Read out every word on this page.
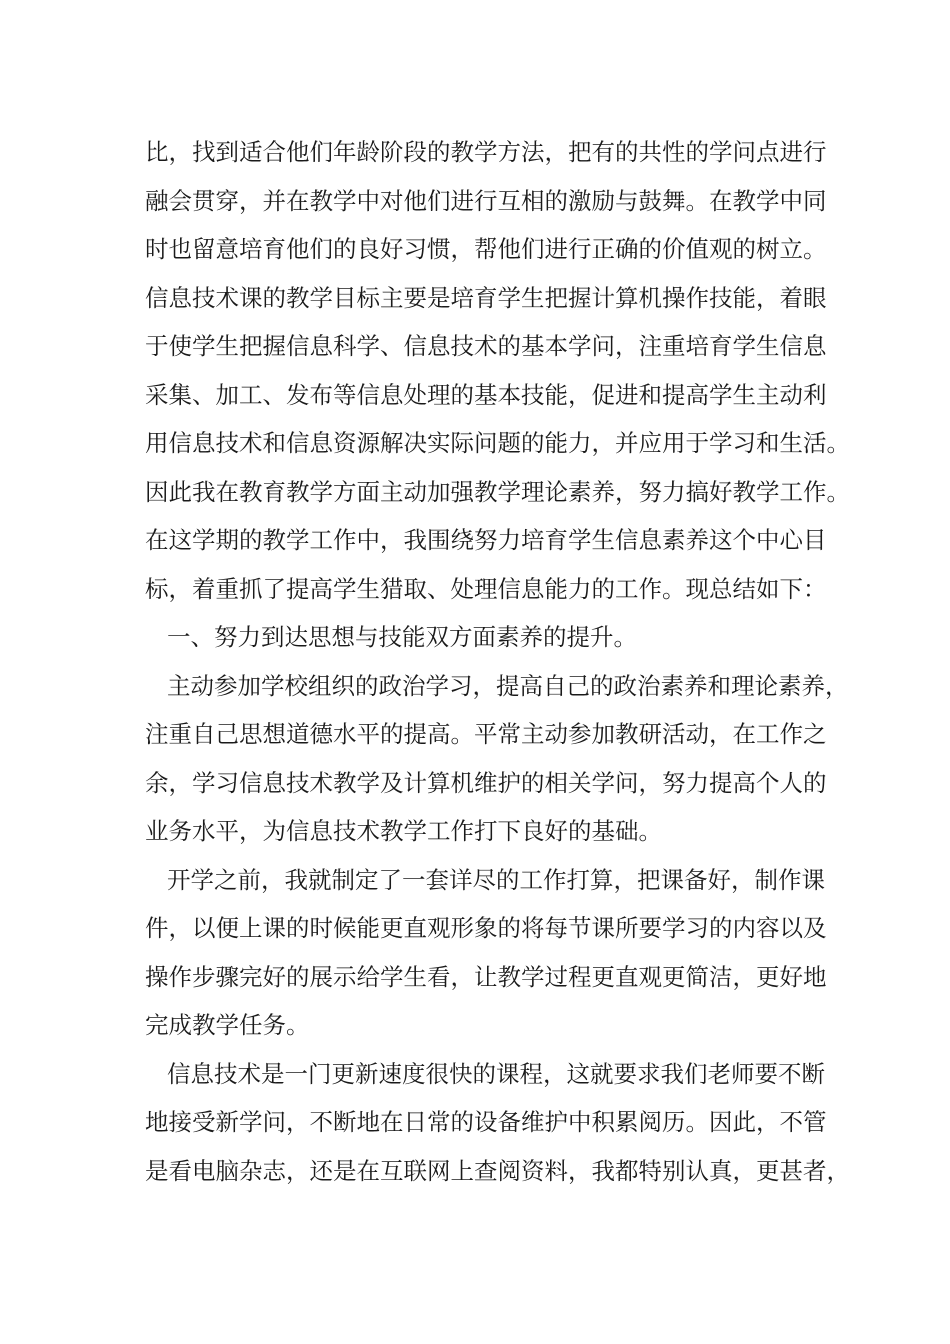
比，找到适合他们年龄阶段的教学方法，把有的共性的学问点进行
融会贯穿，并在教学中对他们进行互相的激励与鼓舞。在教学中同
时也留意培育他们的良好习惯，帮他们进行正确的价值观的树立。
信息技术课的教学目标主要是培育学生把握计算机操作技能，着眼
于使学生把握信息科学、信息技术的基本学问，注重培育学生信息
采集、加工、发布等信息处理的基本技能，促进和提高学生主动利
用信息技术和信息资源解决实际问题的能力，并应用于学习和生活。
因此我在教育教学方面主动加强教学理论素养，努力搞好教学工作。
在这学期的教学工作中，我围绕努力培育学生信息素养这个中心目
标，着重抓了提高学生猎取、处理信息能力的工作。现总结如下：
一、努力到达思想与技能双方面素养的提升。
主动参加学校组织的政治学习，提高自己的政治素养和理论素养，
注重自己思想道德水平的提高。平常主动参加教研活动，在工作之
余，学习信息技术教学及计算机维护的相关学问，努力提高个人的
业务水平，为信息技术教学工作打下良好的基础。
开学之前，我就制定了一套详尽的工作打算，把课备好，制作课
件，以便上课的时候能更直观形象的将每节课所要学习的内容以及
操作步骤完好的展示给学生看，让教学过程更直观更简洁，更好地
完成教学任务。
信息技术是一门更新速度很快的课程，这就要求我们老师要不断
地接受新学问，不断地在日常的设备维护中积累阅历。因此，不管
是看电脑杂志，还是在互联网上查阅资料，我都特别认真，更甚者，
